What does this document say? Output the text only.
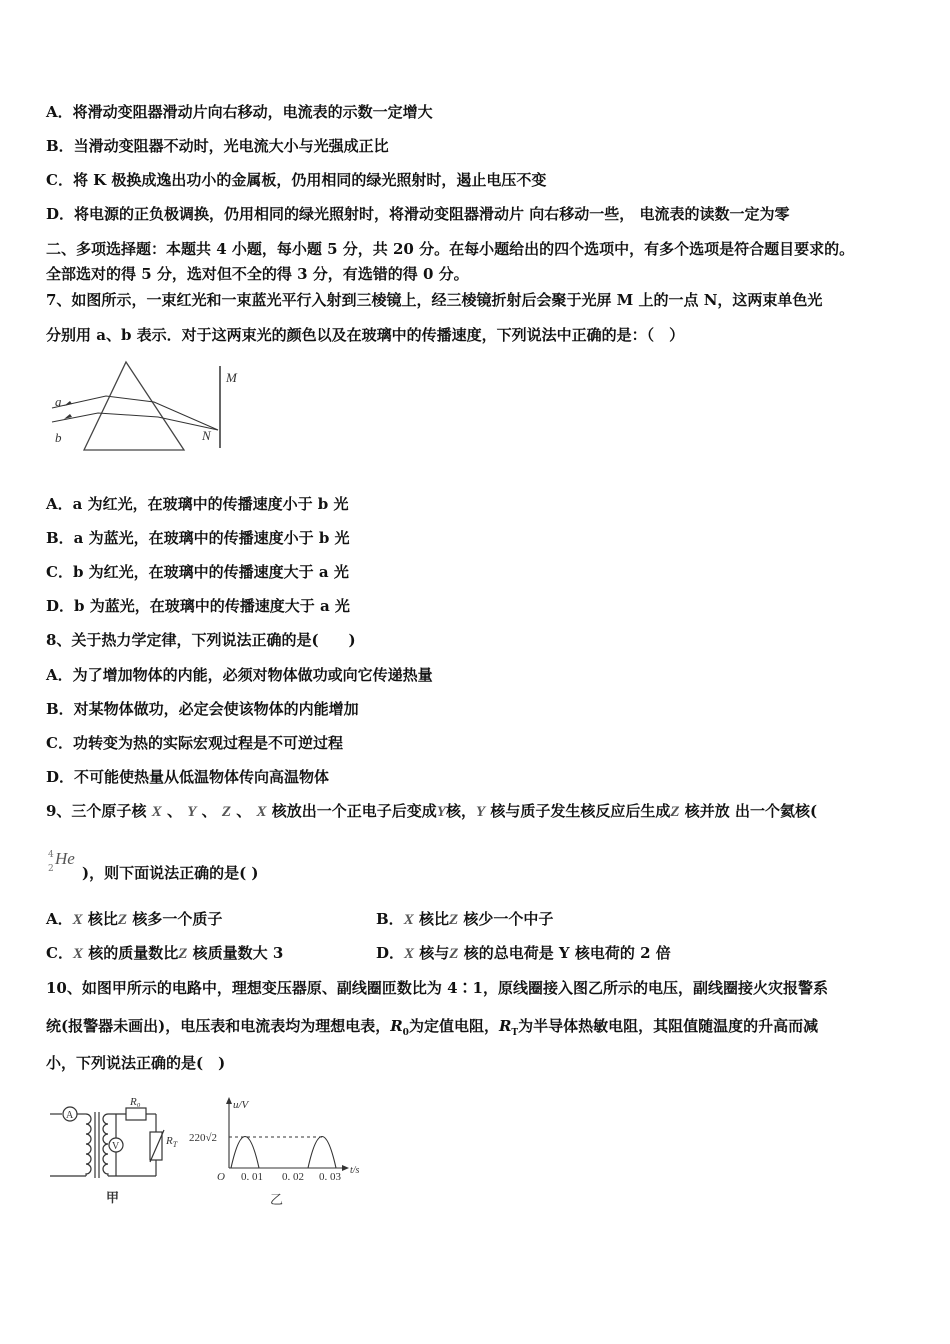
A．将滑动变阻器滑动片向右移动，电流表的示数一定增大
B．当滑动变阻器不动时，光电流大小与光强成正比
C．将 K 极换成逸出功小的金属板，仍用相同的绿光照射时，遏止电压不变
D．将电源的正负极调换，仍用相同的绿光照射时，将滑动变阻器滑动片 向右移动一些， 电流表的读数一定为零
二、多项选择题：本题共 4 小题，每小题 5 分，共 20 分。在每小题给出的四个选项中，有多个选项是符合题目要求的。
全部选对的得 5 分，选对但不全的得 3 分，有选错的得 0 分。
7、如图所示，一束红光和一束蓝光平行入射到三棱镜上，经三棱镜折射后会聚于光屏 M 上的一点 N，这两束单色光
分别用 a、b 表示．对于这两束光的颜色以及在玻璃中的传播速度，下列说法中正确的是：（　）
a
b
M
N
A．a 为红光，在玻璃中的传播速度小于 b 光
B．a 为蓝光，在玻璃中的传播速度小于 b 光
C．b 为红光，在玻璃中的传播速度大于 a 光
D．b 为蓝光，在玻璃中的传播速度大于 a 光
8、关于热力学定律，下列说法正确的是(　　)
A．为了增加物体的内能，必须对物体做功或向它传递热量
B．对某物体做功，必定会使该物体的内能增加
C．功转变为热的实际宏观过程是不可逆过程
D．不可能使热量从低温物体传向高温物体
9、三个原子核 X 、 Y 、 Z 、 X 核放出一个正电子后变成Y核，Y 核与质子发生核反应后生成Z 核并放 出一个氦核(
4
2
He
)，则下面说法正确的是( )
A．X 核比Z 核多一个质子	B．X 核比Z 核少一个中子
C．X 核的质量数比Z 核质量数大 3	D．X 核与Z 核的总电荷是 Y 核电荷的 2 倍
10、如图甲所示的电路中，理想变压器原、副线圈匝数比为 4∶1，原线圈接入图乙所示的电压，副线圈接火灾报警系
统(报警器未画出)，电压表和电流表均为理想电表，$R_0$为定值电阻，$R_T$为半导体热敏电阻，其阻值随温度的升高而减
小，下列说法正确的是(　)
A
V
R₀
$R_T$
甲
u/V
t/s
O
220√2
0. 01 0. 02 0. 03
乙
